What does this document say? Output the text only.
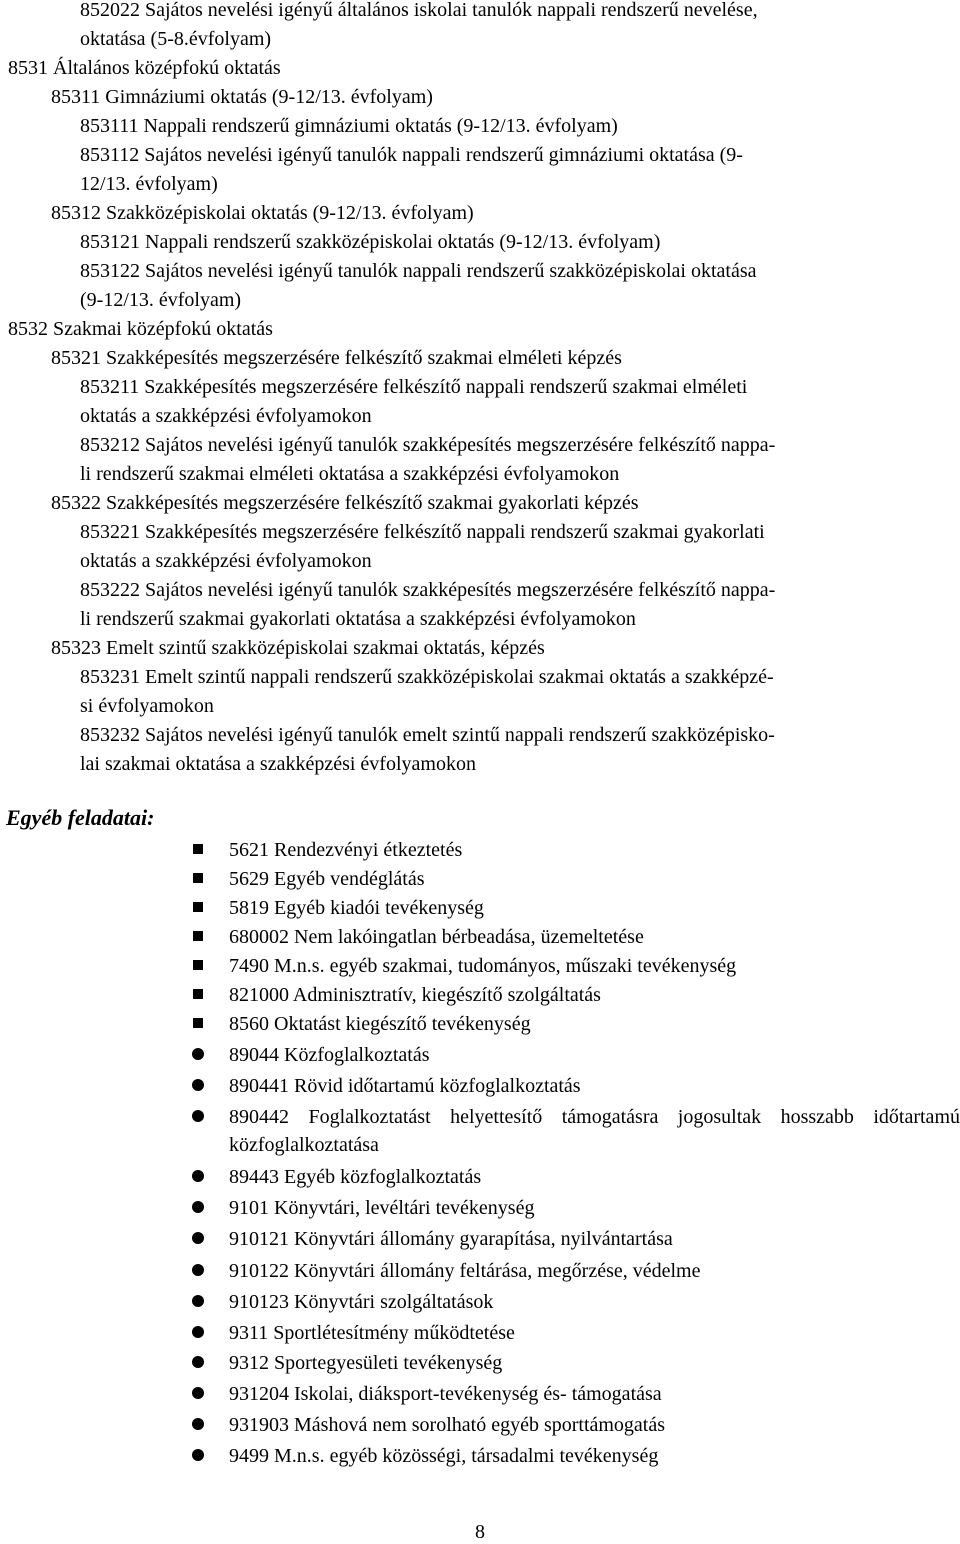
852022 Sajátos nevelési igényű általános iskolai tanulók nappali rendszerű nevelése,
oktatása (5-8.évfolyam)
8531 Általános középfokú oktatás
85311 Gimnáziumi oktatás (9-12/13. évfolyam)
853111 Nappali rendszerű gimnáziumi oktatás (9-12/13. évfolyam)
853112 Sajátos nevelési igényű tanulók nappali rendszerű gimnáziumi oktatása (9-
12/13. évfolyam)
85312 Szakközépiskolai oktatás (9-12/13. évfolyam)
853121 Nappali rendszerű szakközépiskolai oktatás (9-12/13. évfolyam)
853122 Sajátos nevelési igényű tanulók nappali rendszerű szakközépiskolai oktatása
(9-12/13. évfolyam)
8532 Szakmai középfokú oktatás
85321 Szakképesítés megszerzésére felkészítő szakmai elméleti képzés
853211 Szakképesítés megszerzésére felkészítő nappali rendszerű szakmai elméleti
oktatás a szakképzési évfolyamokon
853212 Sajátos nevelési igényű tanulók szakképesítés megszerzésére felkészítő nappa-
li rendszerű szakmai elméleti oktatása a szakképzési évfolyamokon
85322 Szakképesítés megszerzésére felkészítő szakmai gyakorlati képzés
853221 Szakképesítés megszerzésére felkészítő nappali rendszerű szakmai gyakorlati
oktatás a szakképzési évfolyamokon
853222 Sajátos nevelési igényű tanulók szakképesítés megszerzésére felkészítő nappa-
li rendszerű szakmai gyakorlati oktatása a szakképzési évfolyamokon
85323 Emelt szintű szakközépiskolai szakmai oktatás, képzés
853231 Emelt szintű nappali rendszerű szakközépiskolai szakmai oktatás a szakképzé-
si évfolyamokon
853232 Sajátos nevelési igényű tanulók emelt szintű nappali rendszerű szakközépisko-
lai szakmai oktatása a szakképzési évfolyamokon
Egyéb feladatai:
5621 Rendezvényi étkeztetés
5629 Egyéb vendéglátás
5819 Egyéb kiadói tevékenység
680002 Nem lakóingatlan bérbeadása, üzemeltetése
7490 M.n.s. egyéb szakmai, tudományos, műszaki tevékenység
821000 Adminisztratív, kiegészítő szolgáltatás
8560 Oktatást kiegészítő tevékenység
89044 Közfoglalkoztatás
890441 Rövid időtartamú közfoglalkoztatás
890442 Foglalkoztatást helyettesítő támogatásra jogosultak hosszabb időtartamú közfoglalkoztatása
89443 Egyéb közfoglalkoztatás
9101 Könyvtári, levéltári tevékenység
910121 Könyvtári állomány gyarapítása, nyilvántartása
910122 Könyvtári állomány feltárása, megőrzése, védelme
910123 Könyvtári szolgáltatások
9311 Sportlétesítmény működtetése
9312 Sportegyesületi tevékenység
931204 Iskolai, diáksport-tevékenység és- támogatása
931903 Máshová nem sorolható egyéb sporttámogatás
9499 M.n.s. egyéb közösségi, társadalmi tevékenység
8
